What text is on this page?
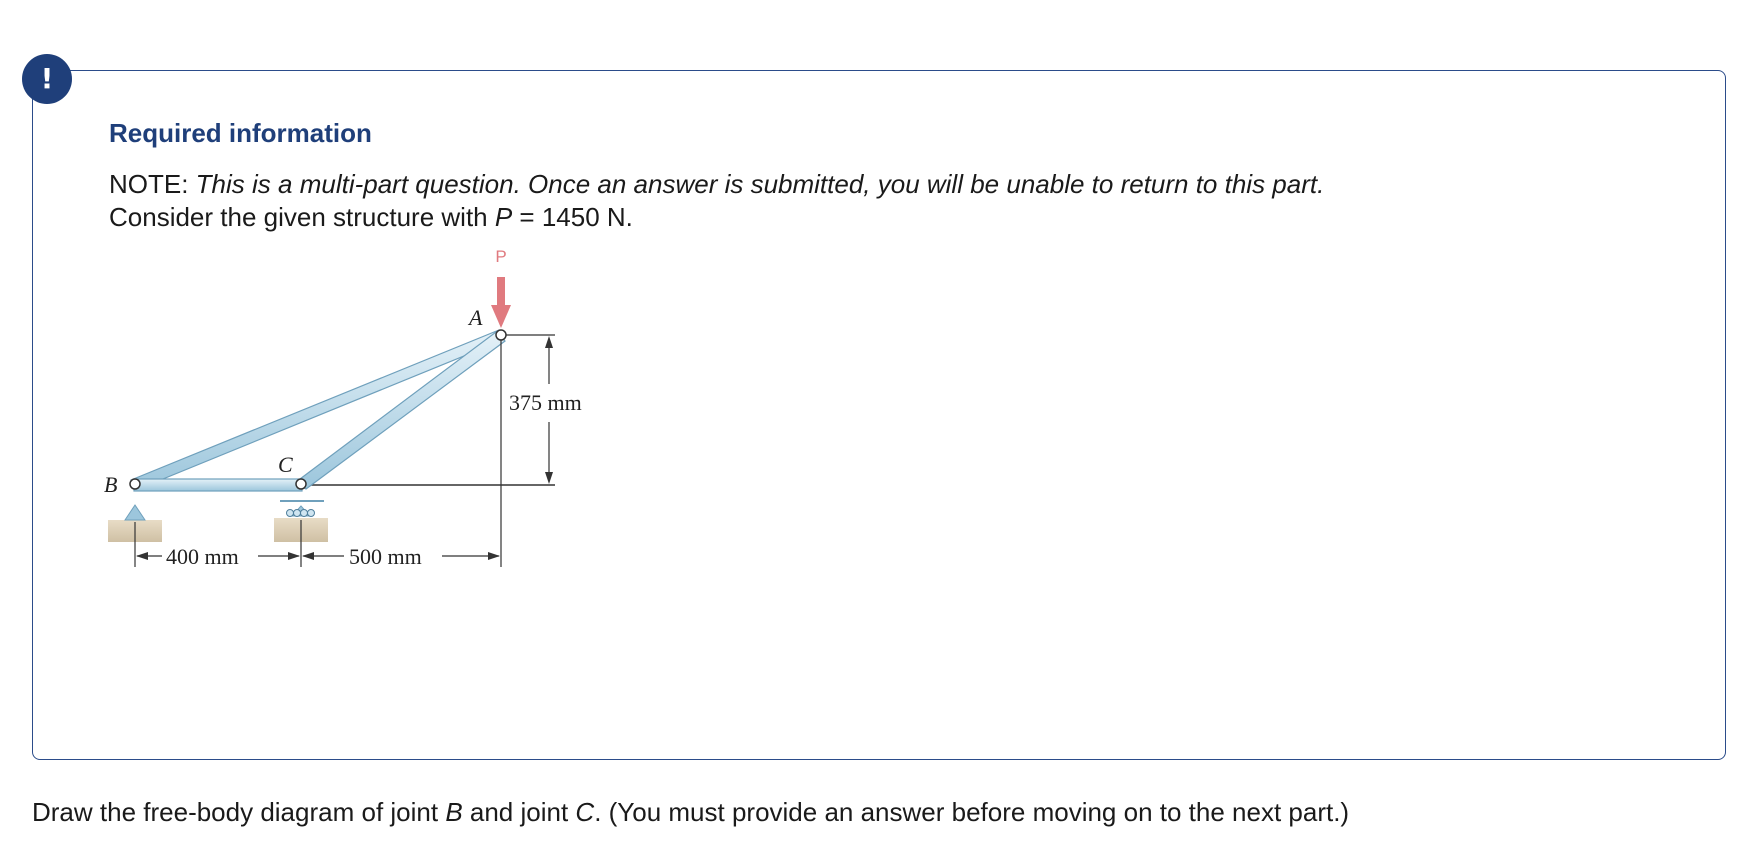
!
Required information

NOTE: This is a multi-part question. Once an answer is submitted, you will be unable to return to this part.

Consider the given structure with P = 1450 N.

P
A
B
C
375 mm
400 mm	500 mm

Draw the free-body diagram of joint B and joint C. (You must provide an answer before moving on to the next part.)
